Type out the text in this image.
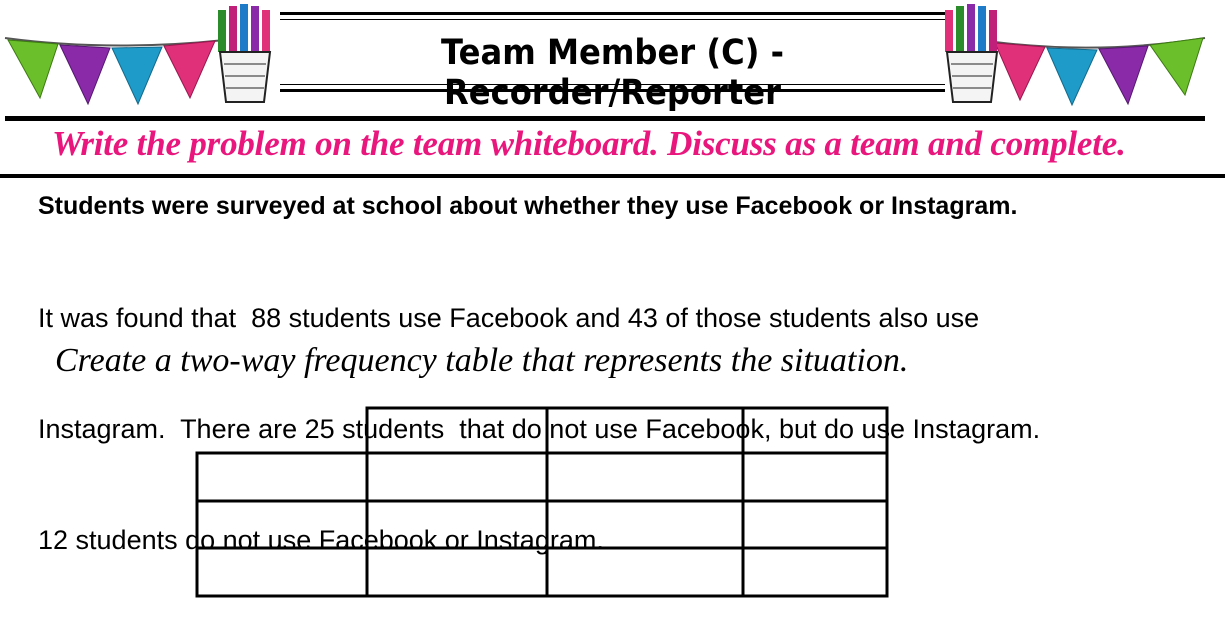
Team Member (C) - Recorder/Reporter
Write the problem on the team whiteboard. Discuss as a team and complete.
Students were surveyed at school about whether they use Facebook or Instagram.

It was found that  88 students use Facebook and 43 of those students also use

Instagram.  There are 25 students  that do not use Facebook, but do use Instagram.

12 students do not use Facebook or Instagram.

Create a two-way frequency table that represents the situation.
